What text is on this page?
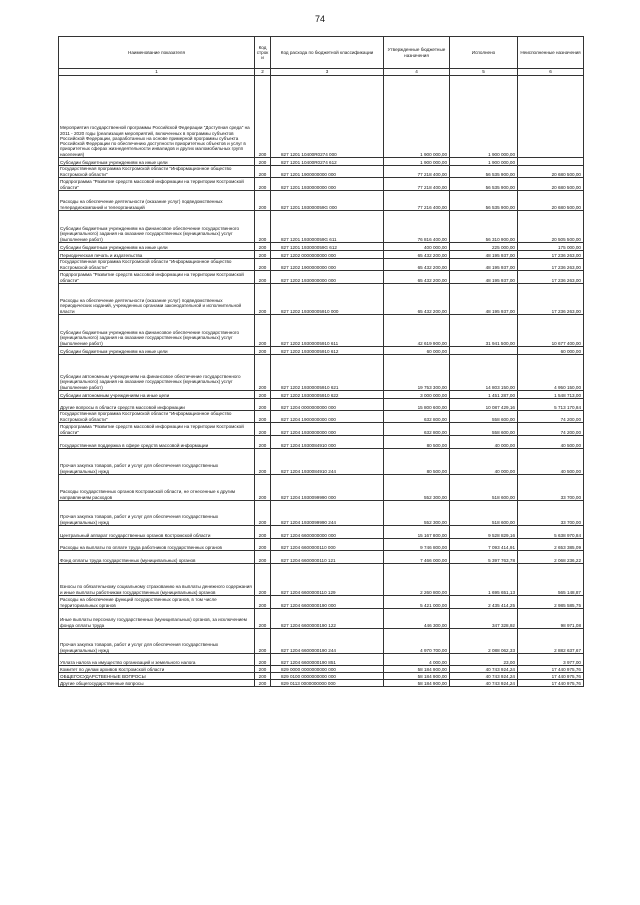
74
Наименование показателя	Код строк и	Код расхода по бюджетной классификации	Утвержденные бюджетные назначения	Исполнено	Неисполненные назначения
1	2	3	4	5	6
Мероприятия государственной программы Российской Федерации "Доступная среда" на 2011 - 2020 годы (реализация мероприятий, включенных в программы субъектов Российской Федерации, разработанных на основе примерной программы субъекта Российской Федерации по обеспечению доступности приоритетных объектов и услуг в приоритетных сферах жизнедеятельности инвалидов и других маломобильных групп населения)	200	827 1201 10400R0274 000	1 900 000,00	1 900 000,00	
Субсидии бюджетным учреждениям на иные цели	200	827 1201 10400R0274 612	1 900 000,00	1 900 000,00	
Государственная программа Костромской области "Информационное общество Костромской области"	200	827 1201 1900000000 000	77 218 400,00	56 535 900,00	20 680 500,00
Подпрограмма "Развитие средств массовой информации на территории Костромской области"	200	827 1201 1930000000 000	77 218 400,00	56 535 900,00	20 680 500,00
Расходы на обеспечение деятельности (оказание услуг) подведомственных телерадиокомпаний и телеорганизаций	200	827 1201 193000059G 000	77 216 400,00	56 535 900,00	20 680 500,00
Субсидии бюджетным учреждениям на финансовое обеспечение государственного (муниципального) задания на оказание государственных (муниципальных) услуг (выполнение работ)	200	827 1201 193000059G 611	76 816 400,00	56 310 900,00	20 505 500,00
Субсидии бюджетным учреждениям на иные цели	200	827 1201 193000059G 612	400 000,00	225 000,00	175 000,00
Периодическая печать и издательства	200	827 1202 0000000000 000	65 432 200,00	48 195 937,00	17 236 263,00
Государственная программа Костромской области "Информационное общество Костромской области"	200	827 1202 1900000000 000	65 432 200,00	48 195 937,00	17 236 263,00
Подпрограмма "Развитие средств массовой информации на территории Костромской области"	200	827 1202 1930000000 000	65 432 200,00	48 195 937,00	17 236 263,00
Расходы на обеспечение деятельности (оказание услуг) подведомственных периодических изданий, учрежденных органами законодательной и исполнительной власти	200	827 1202 19300005910 000	65 432 200,00	48 195 937,00	17 236 263,00
Субсидии бюджетным учреждениям на финансовое обеспечение государственного (муниципального) задания на оказание государственных (муниципальных) услуг (выполнение работ)	200	827 1202 19300005910 611	42 619 900,00	31 941 500,00	10 677 400,00
Субсидии бюджетным учреждениям на иные цели	200	827 1202 19300005910 612	60 000,00		60 000,00
Субсидии автономным учреждениям на финансовое обеспечение государственного (муниципального) задания на оказание государственных (муниципальных) услуг (выполнение работ)	200	827 1202 19300005910 621	19 753 300,00	14 803 150,00	4 950 150,00
Субсидии автономным учреждениям на иные цели	200	827 1202 19300005910 622	3 000 000,00	1 451 287,00	1 548 713,00
Другие вопросы в области средств массовой информации	200	827 1204 0000000000 000	15 800 600,00	10 087 429,16	5 713 170,84
Государственная программа Костромской области "Информационное общество Костромской области"	200	827 1204 1900000000 000	632 800,00	558 600,00	74 200,00
Подпрограмма "Развитие средств массовой информации на территории Костромской области"	200	827 1204 1930000000 000	632 800,00	558 600,00	74 200,00
Государственная поддержка в сфере средств массовой информации	200	827 1204 1930084910 000	80 500,00	40 000,00	40 500,00
Прочая закупка товаров, работ и услуг для обеспечения государственных (муниципальных) нужд	200	827 1204 1930084910 244	80 500,00	40 000,00	40 500,00
Расходы государственных органов Костромской области, не отнесенные к другим направлениям расходов	200	827 1204 1930099990 000	552 300,00	518 600,00	33 700,00
Прочая закупка товаров, работ и услуг для обеспечения государственных (муниципальных) нужд	200	827 1204 1930099990 244	552 300,00	518 600,00	33 700,00
Центральный аппарат государственных органов Костромской области	200	827 1204 6600000000 000	15 167 800,00	9 528 829,16	5 638 970,84
Расходы на выплаты по оплате труда работников государственных органов	200	827 1204 6600000110 000	9 746 800,00	7 093 414,91	2 653 385,09
Фонд оплаты труда государственных (муниципальных) органов	200	827 1204 6600000110 121	7 466 000,00	5 397 763,78	2 068 236,22
Взносы по обязательному социальному страхованию на выплаты денежного содержания и иные выплаты работникам государственных (муниципальных) органов	200	827 1204 6600000110 129	2 260 800,00	1 695 651,13	565 148,87
Расходы на обеспечение функций государственных органов, в том числе территориальных органов	200	827 1204 6600000190 000	5 421 000,00	2 435 414,25	2 985 585,75
Иные выплаты персоналу государственных (муниципальных) органов, за исключением фонда оплаты труда	200	827 1204 6600000190 122	446 300,00	347 328,92	98 971,08
Прочая закупка товаров, работ и услуг для обеспечения государственных (муниципальных) нужд	200	827 1204 6600000190 244	4 970 700,00	2 088 062,33	2 882 637,67
Уплата налога на имущество организаций и земельного налога	200	827 1204 6600000190 851	4 000,00	23,00	3 977,00
Комитет по делам архивов Костромской области	200	829 0000 0000000000 000	58 184 900,00	40 743 924,24	17 440 975,76
ОБЩЕГОСУДАРСТВЕННЫЕ ВОПРОСЫ	200	829 0100 0000000000 000	58 184 900,00	40 743 924,24	17 440 975,76
Другие общегосударственные вопросы	200	829 0113 0000000000 000	58 184 900,00	40 743 924,24	17 440 975,76
